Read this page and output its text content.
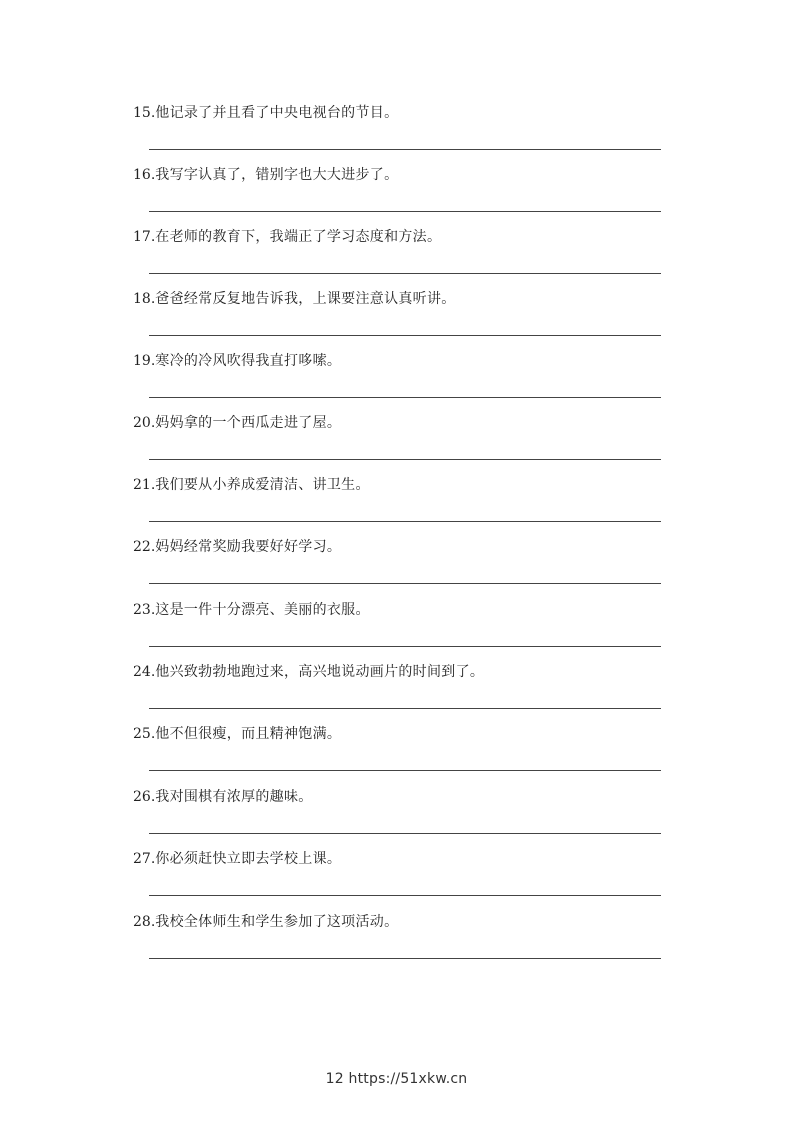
15.他记录了并且看了中央电视台的节目。
16.我写字认真了，错别字也大大进步了。
17.在老师的教育下，我端正了学习态度和方法。
18.爸爸经常反复地告诉我，上课要注意认真听讲。
19.寒冷的冷风吹得我直打哆嗦。
20.妈妈拿的一个西瓜走进了屋。
21.我们要从小养成爱清洁、讲卫生。
22.妈妈经常奖励我要好好学习。
23.这是一件十分漂亮、美丽的衣服。
24.他兴致勃勃地跑过来，高兴地说动画片的时间到了。
25.他不但很瘦，而且精神饱满。
26.我对围棋有浓厚的趣味。
27.你必须赶快立即去学校上课。
28.我校全体师生和学生参加了这项活动。
12 https://51xkw.cn
